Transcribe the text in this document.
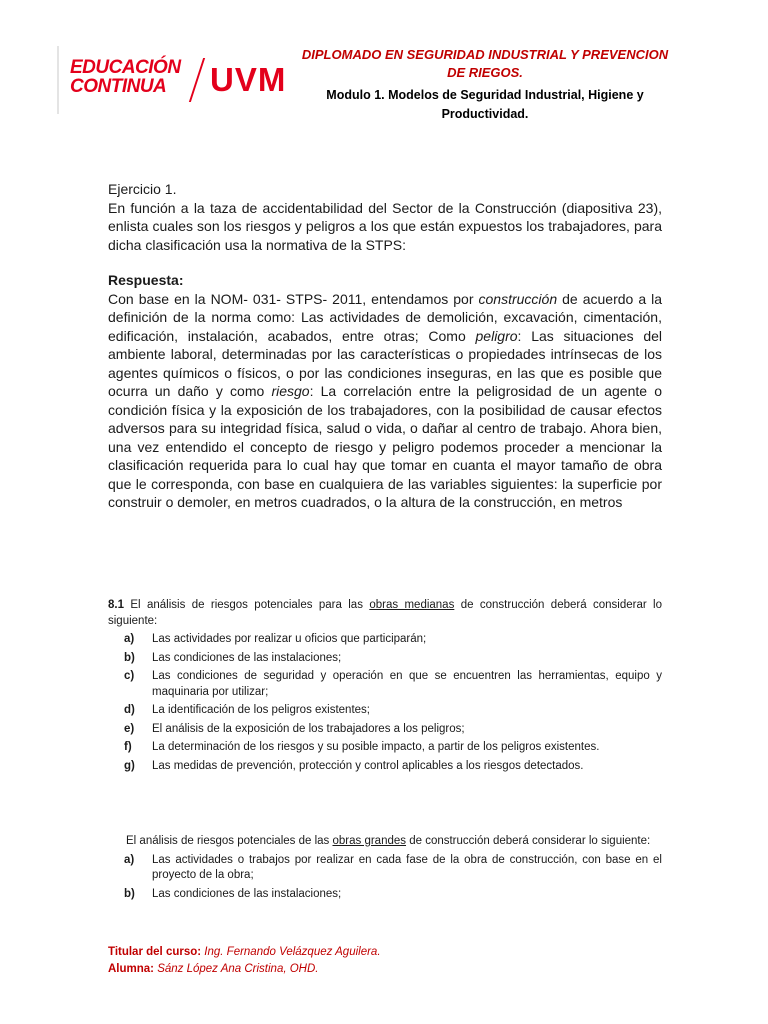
EDUCACIÓN
CONTINUA	UVM
DIPLOMADO EN SEGURIDAD INDUSTRIAL Y PREVENCION
DE RIEGOS.
Modulo 1. Modelos de Seguridad Industrial, Higiene y
Productividad.
Ejercicio 1.
En función a la taza de accidentabilidad del Sector de la Construcción (diapositiva 23), enlista cuales son los riesgos y peligros a los que están expuestos los trabajadores, para dicha clasificación usa la normativa de la STPS:
Respuesta:
Con base en la NOM- 031- STPS- 2011, entendamos por construcción de acuerdo a la definición de la norma como: Las actividades de demolición, excavación, cimentación, edificación, instalación, acabados, entre otras; Como peligro: Las situaciones del ambiente laboral, determinadas por las características o propiedades intrínsecas de los agentes químicos o físicos, o por las condiciones inseguras, en las que es posible que ocurra un daño y como riesgo: La correlación entre la peligrosidad de un agente o condición física y la exposición de los trabajadores, con la posibilidad de causar efectos adversos para su integridad física, salud o vida, o dañar al centro de trabajo. Ahora bien, una vez entendido el concepto de riesgo y peligro podemos proceder a mencionar la clasificación requerida para lo cual hay que tomar en cuanta el mayor tamaño de obra que le corresponda, con base en cualquiera de las variables siguientes: la superficie por construir o demoler, en metros cuadrados, o la altura de la construcción, en metros
8.1 El análisis de riesgos potenciales para las obras medianas de construcción deberá considerar lo siguiente:
a) Las actividades por realizar u oficios que participarán;
b) Las condiciones de las instalaciones;
c) Las condiciones de seguridad y operación en que se encuentren las herramientas, equipo y maquinaria por utilizar;
d) La identificación de los peligros existentes;
e) El análisis de la exposición de los trabajadores a los peligros;
f) La determinación de los riesgos y su posible impacto, a partir de los peligros existentes.
g) Las medidas de prevención, protección y control aplicables a los riesgos detectados.
El análisis de riesgos potenciales de las obras grandes de construcción deberá considerar lo siguiente:
a) Las actividades o trabajos por realizar en cada fase de la obra de construcción, con base en el proyecto de la obra;
b) Las condiciones de las instalaciones;
Titular del curso: Ing. Fernando Velázquez Aguilera.
Alumna: Sánz López Ana Cristina, OHD.
